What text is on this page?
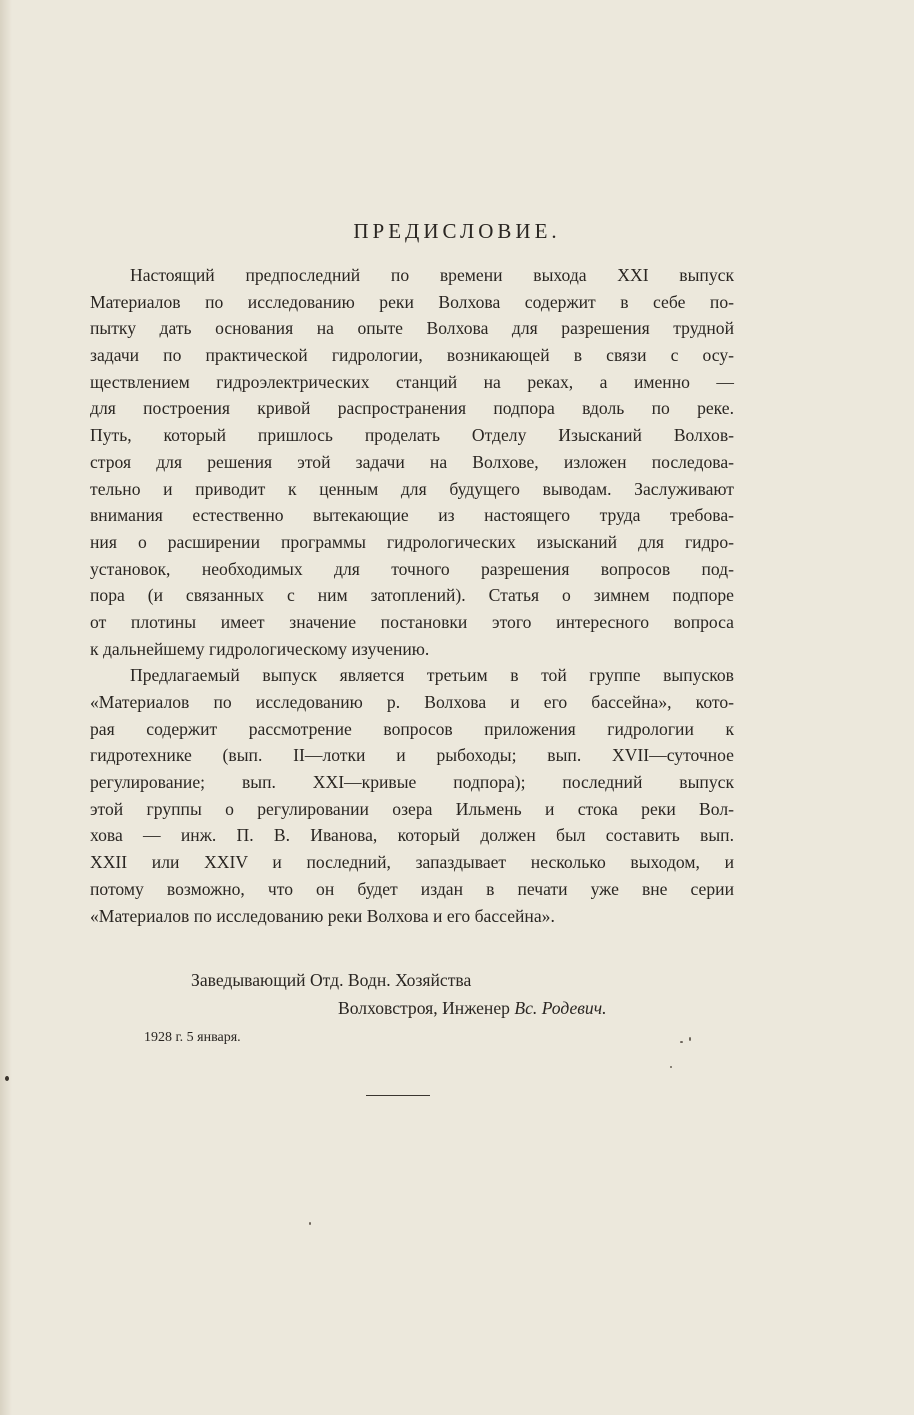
ПРЕДИСЛОВИЕ.
Настоящий предпоследний по времени выхода XXI выпуск
Материалов по исследованию реки Волхова содержит в себе по-
пытку дать основания на опыте Волхова для разрешения трудной
задачи по практической гидрологии, возникающей в связи с осу-
ществлением гидроэлектрических станций на реках, а именно —
для построения кривой распространения подпора вдоль по реке.
Путь, который пришлось проделать Отделу Изысканий Волхов-
строя для решения этой задачи на Волхове, изложен последова-
тельно и приводит к ценным для будущего выводам. Заслуживают
внимания естественно вытекающие из настоящего труда требова-
ния о расширении программы гидрологических изысканий для гидро-
установок, необходимых для точного разрешения вопросов под-
пора (и связанных с ним затоплений). Статья о зимнем подпоре
от плотины имеет значение постановки этого интересного вопроса
к дальнейшему гидрологическому изучению.
Предлагаемый выпуск является третьим в той группе выпусков
«Материалов по исследованию р. Волхова и его бассейна», кото-
рая содержит рассмотрение вопросов приложения гидрологии к
гидротехнике (вып. II—лотки и рыбоходы; вып. XVII—суточное
регулирование; вып. XXI—кривые подпора); последний выпуск
этой группы о регулировании озера Ильмень и стока реки Вол-
хова — инж. П. В. Иванова, который должен был составить вып.
XXII или XXIV и последний, запаздывает несколько выходом, и
потому возможно, что он будет издан в печати уже вне серии
«Материалов по исследованию реки Волхова и его бассейна».
Заведывающий Отд. Водн. Хозяйства
Волховстроя, Инженер Вс. Родевич.
1928 г. 5 января.
